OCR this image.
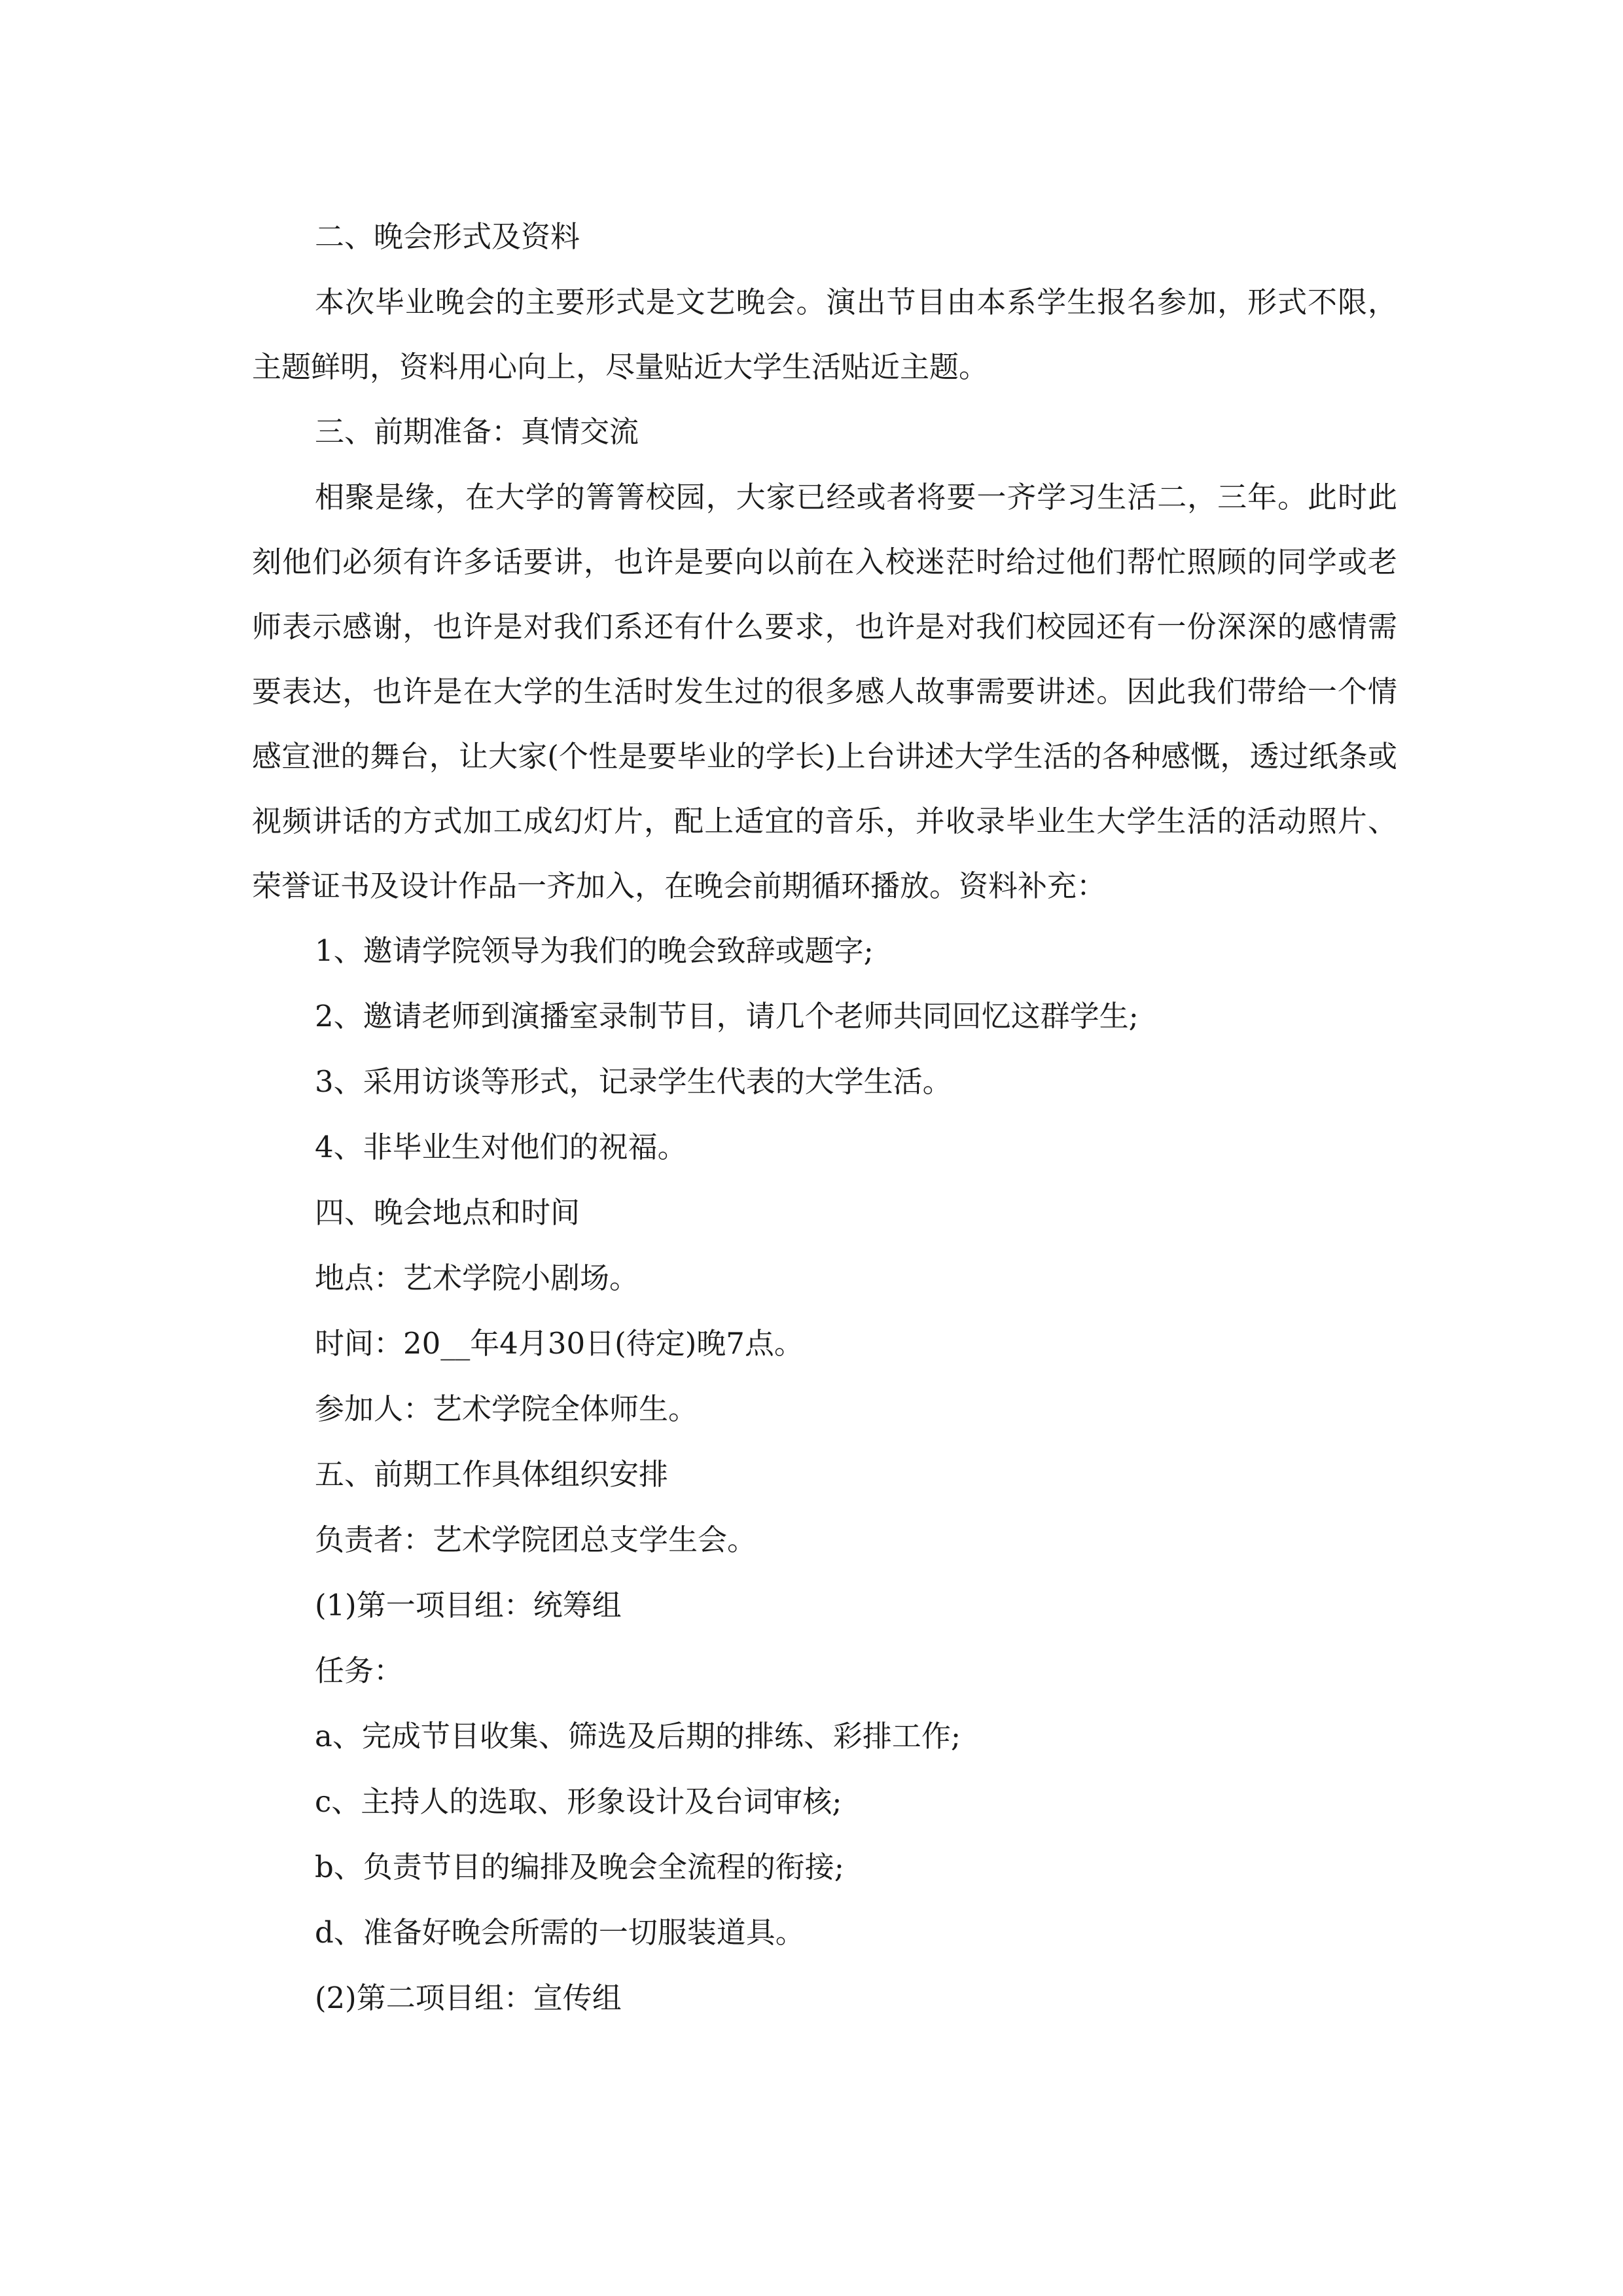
二、晚会形式及资料

本次毕业晚会的主要形式是文艺晚会。演出节目由本系学生报名参加，形式不限，主题鲜明，资料用心向上，尽量贴近大学生活贴近主题。

三、前期准备：真情交流

相聚是缘，在大学的箐箐校园，大家已经或者将要一齐学习生活二，三年。此时此刻他们必须有许多话要讲，也许是要向以前在入校迷茫时给过他们帮忙照顾的同学或老师表示感谢，也许是对我们系还有什么要求，也许是对我们校园还有一份深深的感情需要表达，也许是在大学的生活时发生过的很多感人故事需要讲述。因此我们带给一个情感宣泄的舞台，让大家(个性是要毕业的学长)上台讲述大学生活的各种感慨，透过纸条或视频讲话的方式加工成幻灯片，配上适宜的音乐，并收录毕业生大学生活的活动照片、荣誉证书及设计作品一齐加入，在晚会前期循环播放。资料补充：

1、邀请学院领导为我们的晚会致辞或题字;

2、邀请老师到演播室录制节目，请几个老师共同回忆这群学生;

3、采用访谈等形式，记录学生代表的大学生活。

4、非毕业生对他们的祝福。

四、晚会地点和时间

地点：艺术学院小剧场。

时间：20__年4月30日(待定)晚7点。

参加人：艺术学院全体师生。

五、前期工作具体组织安排

负责者：艺术学院团总支学生会。

(1)第一项目组：统筹组

任务：

a、完成节目收集、筛选及后期的排练、彩排工作;

c、主持人的选取、形象设计及台词审核;

b、负责节目的编排及晚会全流程的衔接;

d、准备好晚会所需的一切服装道具。

(2)第二项目组：宣传组
